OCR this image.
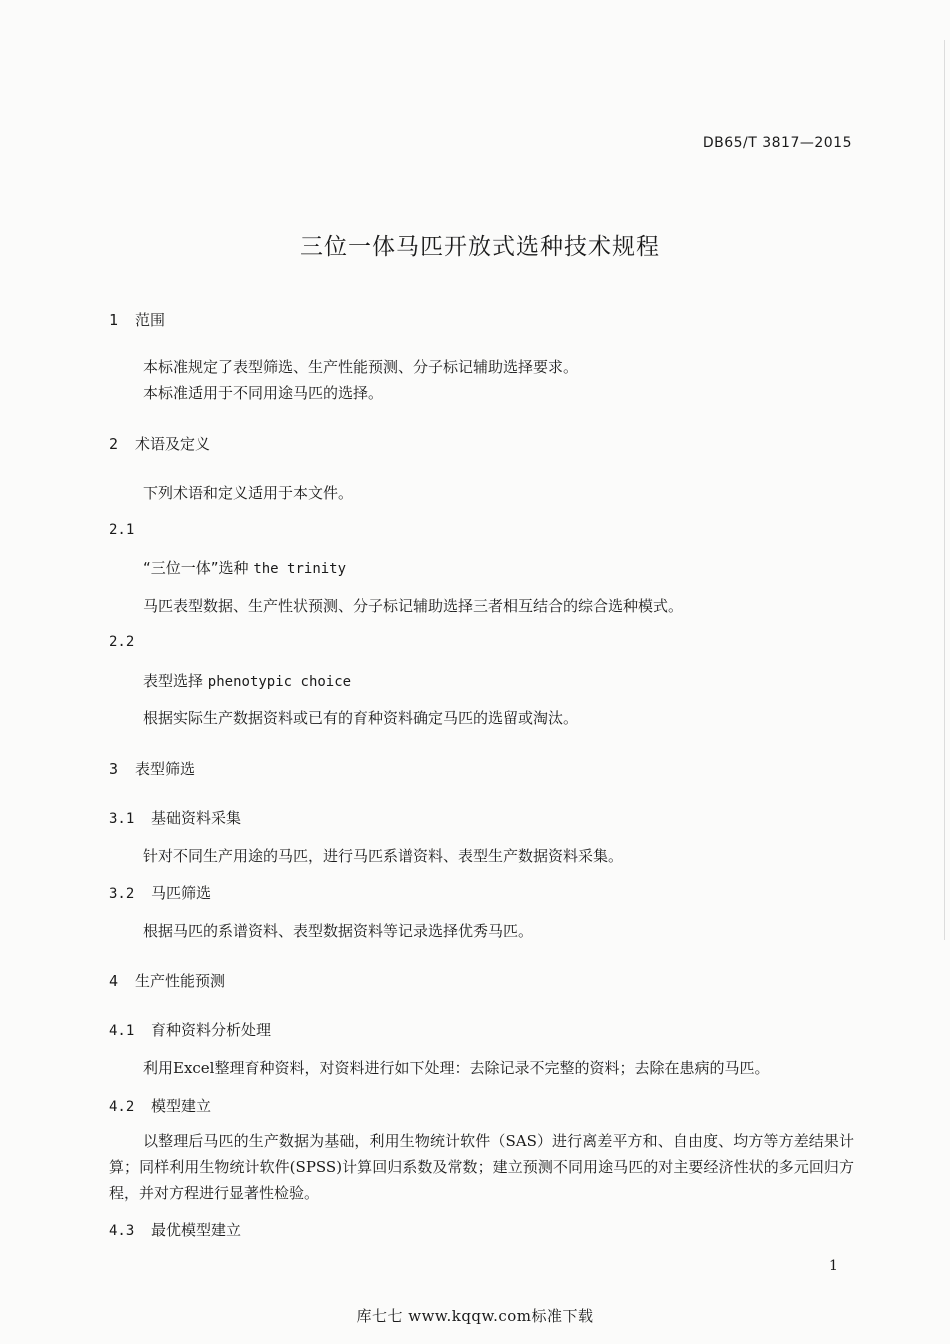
DB65/T 3817—2015
三位一体马匹开放式选种技术规程
1 范围
本标准规定了表型筛选、生产性能预测、分子标记辅助选择要求。
本标准适用于不同用途马匹的选择。
2 术语及定义
下列术语和定义适用于本文件。
2.1
“三位一体”选种 the trinity
马匹表型数据、生产性状预测、分子标记辅助选择三者相互结合的综合选种模式。
2.2
表型选择 phenotypic choice
根据实际生产数据资料或已有的育种资料确定马匹的选留或淘汰。
3 表型筛选
3.1 基础资料采集
针对不同生产用途的马匹，进行马匹系谱资料、表型生产数据资料采集。
3.2 马匹筛选
根据马匹的系谱资料、表型数据资料等记录选择优秀马匹。
4 生产性能预测
4.1 育种资料分析处理
利用Excel整理育种资料，对资料进行如下处理：去除记录不完整的资料；去除在患病的马匹。
4.2 模型建立
以整理后马匹的生产数据为基础，利用生物统计软件（SAS）进行离差平方和、自由度、均方等方差结果计算；同样利用生物统计软件(SPSS)计算回归系数及常数；建立预测不同用途马匹的对主要经济性状的多元回归方程，并对方程进行显著性检验。
4.3 最优模型建立
1
库七七 www.kqqw.com标准下载
